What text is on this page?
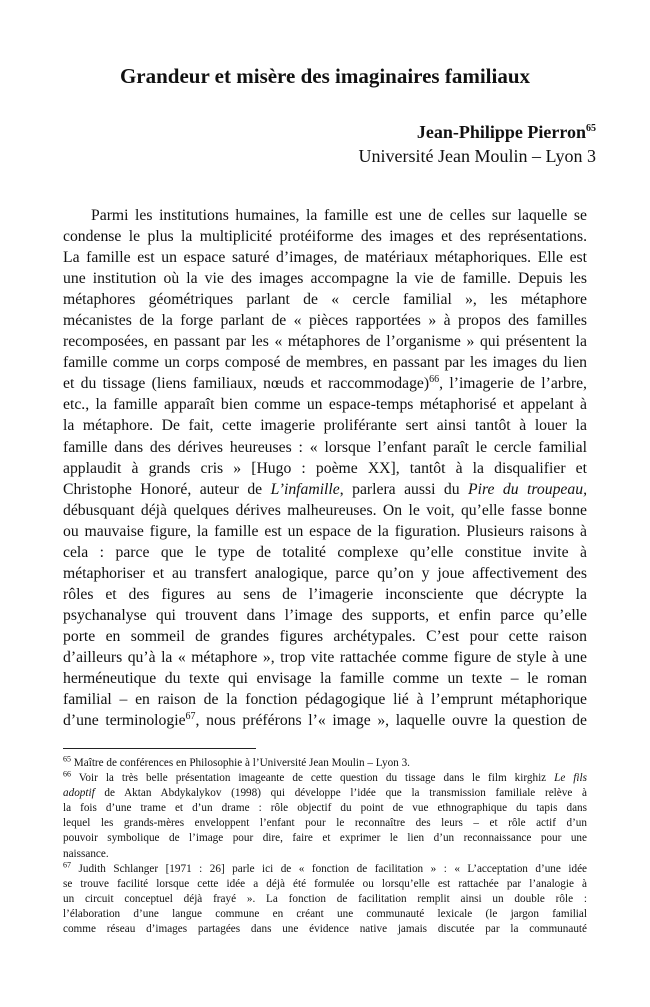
Grandeur et misère des imaginaires familiaux

Jean-Philippe Pierron$^{65}$

Université Jean Moulin – Lyon 3

Parmi les institutions humaines, la famille est une de celles sur laquelle se
condense le plus la multiplicité protéiforme des images et des représentations.
La famille est un espace saturé d’images, de matériaux métaphoriques. Elle est
une institution où la vie des images accompagne la vie de famille. Depuis les
métaphores géométriques parlant de « cercle familial », les métaphore
mécanistes de la forge parlant de « pièces rapportées » à propos des familles
recomposées, en passant par les « métaphores de l’organisme » qui présentent la
famille comme un corps composé de membres, en passant par les images du lien
et du tissage (liens familiaux, nœuds et raccommodage)$^{66}$, l’imagerie de l’arbre,
etc., la famille apparaît bien comme un espace-temps métaphorisé et appelant à
la métaphore. De fait, cette imagerie proliférante sert ainsi tantôt à louer la
famille dans des dérives heureuses : « lorsque l’enfant paraît le cercle familial
applaudit à grands cris » [Hugo : poème XX], tantôt à la disqualifier et
Christophe Honoré, auteur de L’infamille, parlera aussi du Pire du troupeau,
débusquant déjà quelques dérives malheureuses. On le voit, qu’elle fasse bonne
ou mauvaise figure, la famille est un espace de la figuration. Plusieurs raisons à
cela : parce que le type de totalité complexe qu’elle constitue invite à
métaphoriser et au transfert analogique, parce qu’on y joue affectivement des
rôles et des figures au sens de l’imagerie inconsciente que décrypte la
psychanalyse qui trouvent dans l’image des supports, et enfin parce qu’elle
porte en sommeil de grandes figures archétypales. C’est pour cette raison
d’ailleurs qu’à la « métaphore », trop vite rattachée comme figure de style à une
herméneutique du texte qui envisage la famille comme un texte – le roman
familial – en raison de la fonction pédagogique lié à l’emprunt métaphorique
d’une terminologie$^{67}$, nous préférons l’« image », laquelle ouvre la question de

$^{65}$ Maître de conférences en Philosophie à l’Université Jean Moulin – Lyon 3.

$^{66}$ Voir la très belle présentation imageante de cette question du tissage dans le film kirghiz Le fils
adoptif de Aktan Abdykalykov (1998) qui développe l’idée que la transmission familiale relève à
la fois d’une trame et d’un drame : rôle objectif du point de vue ethnographique du tapis dans
lequel les grands-mères enveloppent l’enfant pour le reconnaître des leurs – et rôle actif d’un
pouvoir symbolique de l’image pour dire, faire et exprimer le lien d’un reconnaissance pour une
naissance.

$^{67}$ Judith Schlanger [1971 : 26] parle ici de « fonction de facilitation » : « L’acceptation d’une idée
se trouve facilité lorsque cette idée a déjà été formulée ou lorsqu’elle est rattachée par l’analogie à
un circuit conceptuel déjà frayé ». La fonction de facilitation remplit ainsi un double rôle :
l’élaboration d’une langue commune en créant une communauté lexicale (le jargon familial
comme réseau d’images partagées dans une évidence native jamais discutée par la communauté
